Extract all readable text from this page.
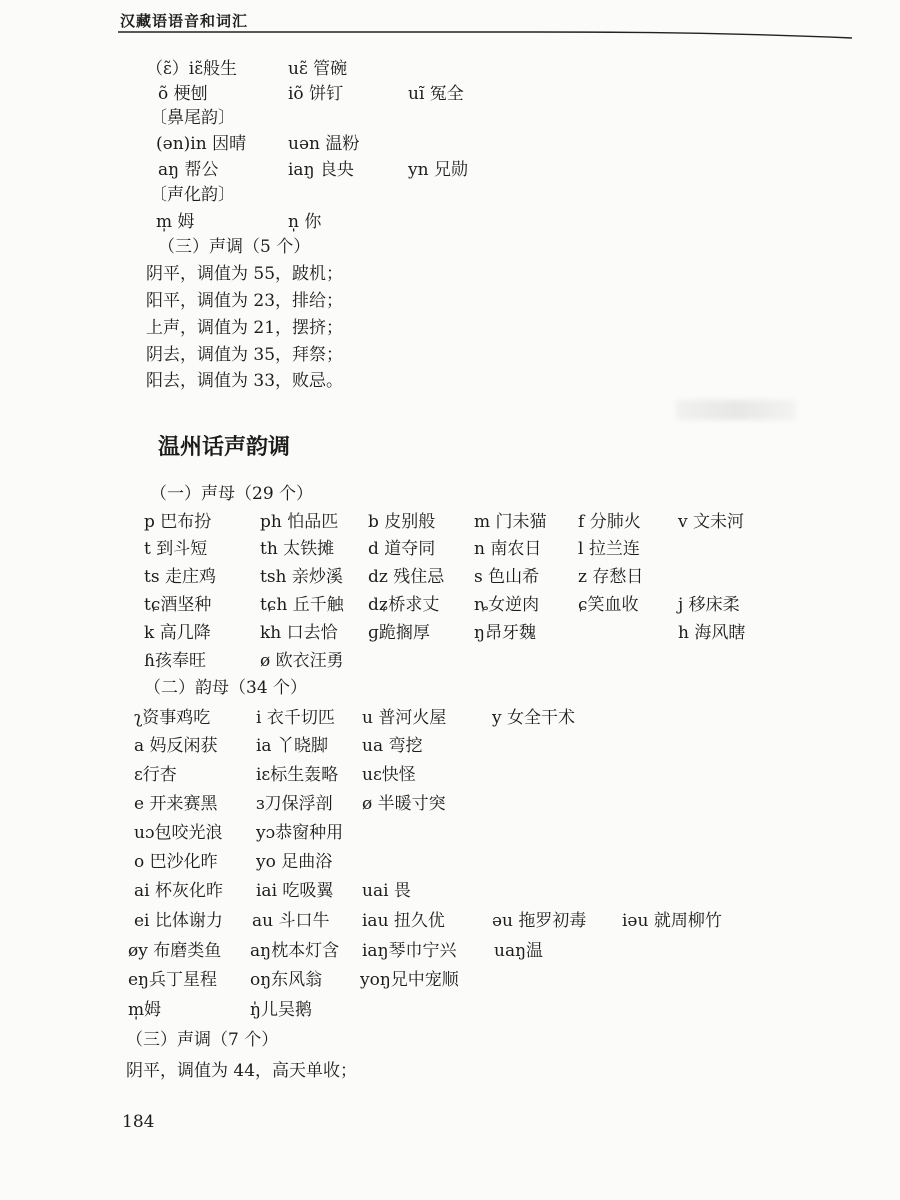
汉藏语语音和词汇
（ɛ̃）iɛ̃般生	uɛ̃ 管碗
õ 梗刨	iõ 饼钉	uĩ 冤全
〔鼻尾韵〕
(ən)in 因晴 uən 温粉
aŋ 帮公	iaŋ 良央	yn 兄勋
〔声化韵〕
m̩ 姆	n̩ 你
（三）声调（5 个）
阴平，调值为 55，跛机；
阳平，调值为 23，排给；
上声，调值为 21，摆挤；
阴去，调值为 35，拜祭；
阳去，调值为 33，败忌。
温州话声韵调
（一）声母（29 个）
p 巴布扮	ph 怕品匹 b 皮别般 m 门未猫 f 分肺火 v 文未河
t 到斗短	th 太铁摊 d 道夺同 n 南农日 l 拉兰连
ts 走庄鸡	tsh 亲炒溪 dz 残住忌 s 色山希 z 存愁日
tɕ酒坚种	tɕh 丘千触 dʑ桥求丈 ȵ女逆肉 ɕ笑血收 j 移床柔
k 高几降	kh 口去恰 ɡ跪搁厚	ŋ昂牙魏	h 海风瞎
ɦ孩奉旺	ø 欧衣汪勇
（二）韵母（34 个）
ʅ资事鸡吃	i 衣千切匹 u 普河火屋	y 女全干术
a 妈反闲获 ia 丫晓脚 ua 弯挖
ɛ行杏	iɛ标生轰略 uɛ快怪
e 开来赛黑 ɜ刀保浮剖 ø 半暖寸突
uɔ包咬光浪 yɔ恭窗种用
o 巴沙化昨 yo 足曲浴
ai 杯灰化昨 iai 吃吸翼 uai 畏
ei 比体谢力 au 斗口牛 iau 扭久优	əu 拖罗初毒 iəu 就周柳竹
øy 布磨类鱼 aŋ枕本灯含 iaŋ琴巾宁兴 uaŋ温
eŋ兵丁星程 oŋ东风翁 yoŋ兄中宠顺
m̩姆	ŋ̍儿吴鹅
（三）声调（7 个）
阴平，调值为 44，高天单收；
184
